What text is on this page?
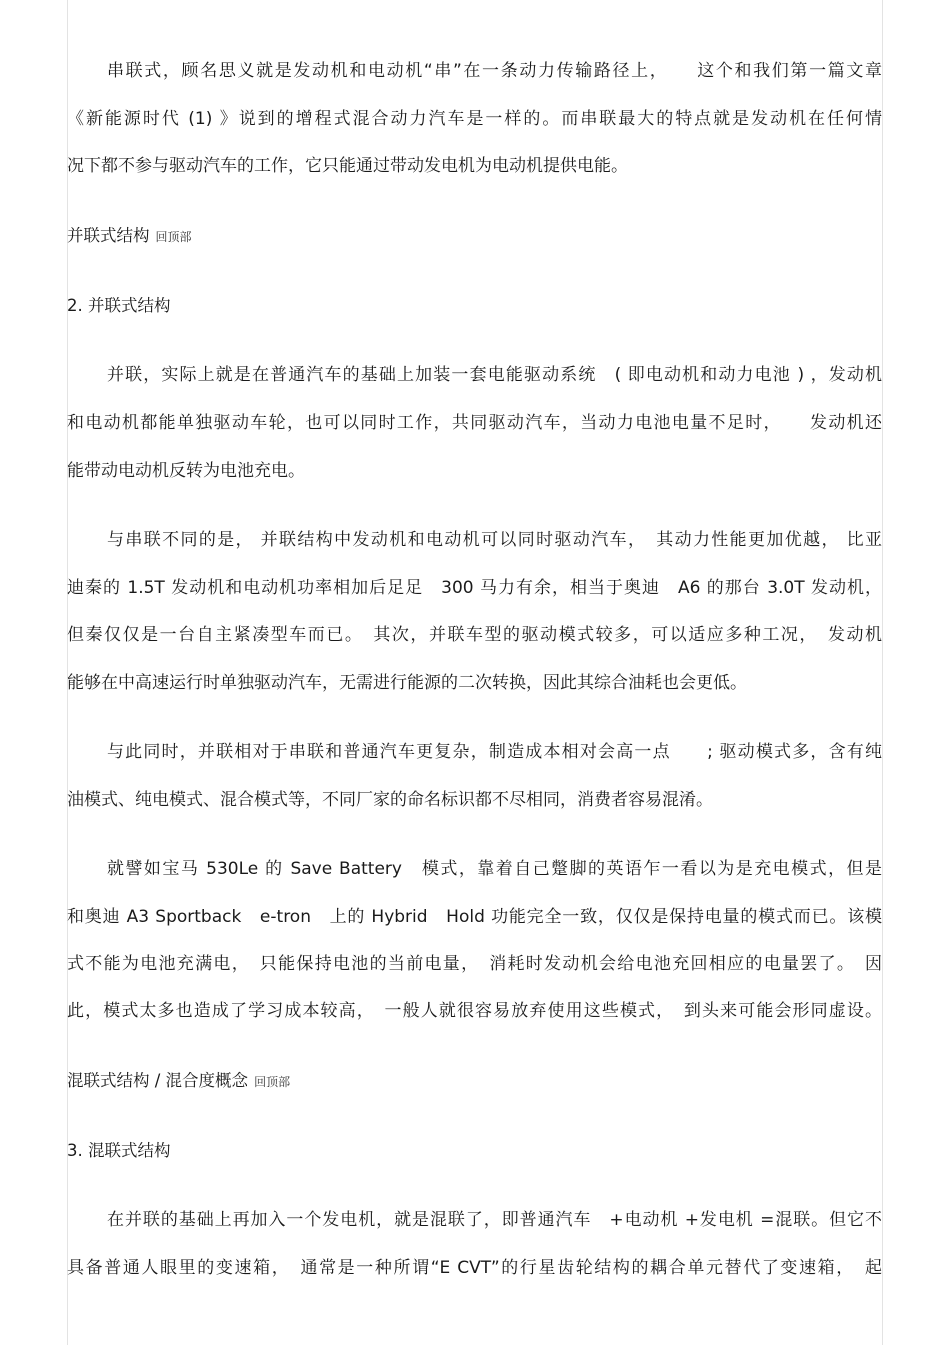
串联式，顾名思义就是发动机和电动机“串”在一条动力传输路径上，　　这个和我们第一篇文章
《新能源时代 (1) 》说到的增程式混合动力汽车是一样的。而串联最大的特点就是发动机在任何情
况下都不参与驱动汽车的工作，它只能通过带动发电机为电动机提供电能。
并联式结构 回顶部
2. 并联式结构
并联，实际上就是在普通汽车的基础上加装一套电能驱动系统　( 即电动机和动力电池 ) ，发动机
和电动机都能单独驱动车轮，也可以同时工作，共同驱动汽车，当动力电池电量不足时，　　发动机还
能带动电动机反转为电池充电。
与串联不同的是， 并联结构中发动机和电动机可以同时驱动汽车，　其动力性能更加优越， 比亚
迪秦的 1.5T 发动机和电动机功率相加后足足　300 马力有余，相当于奥迪　A6 的那台 3.0T 发动机，
但秦仅仅是一台自主紧凑型车而已。　其次，并联车型的驱动模式较多，可以适应多种工况，　发动机
能够在中高速运行时单独驱动汽车，无需进行能源的二次转换，因此其综合油耗也会更低。
与此同时，并联相对于串联和普通汽车更复杂，制造成本相对会高一点　　; 驱动模式多，含有纯
油模式、纯电模式、混合模式等，不同厂家的命名标识都不尽相同，消费者容易混淆。
就譬如宝马 530Le 的 Save Battery　模式，靠着自己蹩脚的英语乍一看以为是充电模式，但是
和奥迪 A3 Sportback　e-tron　上的 Hybrid　Hold 功能完全一致，仅仅是保持电量的模式而已。该模
式不能为电池充满电，　只能保持电池的当前电量，　消耗时发动机会给电池充回相应的电量罢了。　因
此，模式太多也造成了学习成本较高，　一般人就很容易放弃使用这些模式，　到头来可能会形同虚设。
混联式结构 / 混合度概念 回顶部
3. 混联式结构
在并联的基础上再加入一个发电机，就是混联了，即普通汽车　+电动机 +发电机 =混联。但它不
具备普通人眼里的变速箱，　通常是一种所谓“E CVT”的行星齿轮结构的耦合单元替代了变速箱，　起
